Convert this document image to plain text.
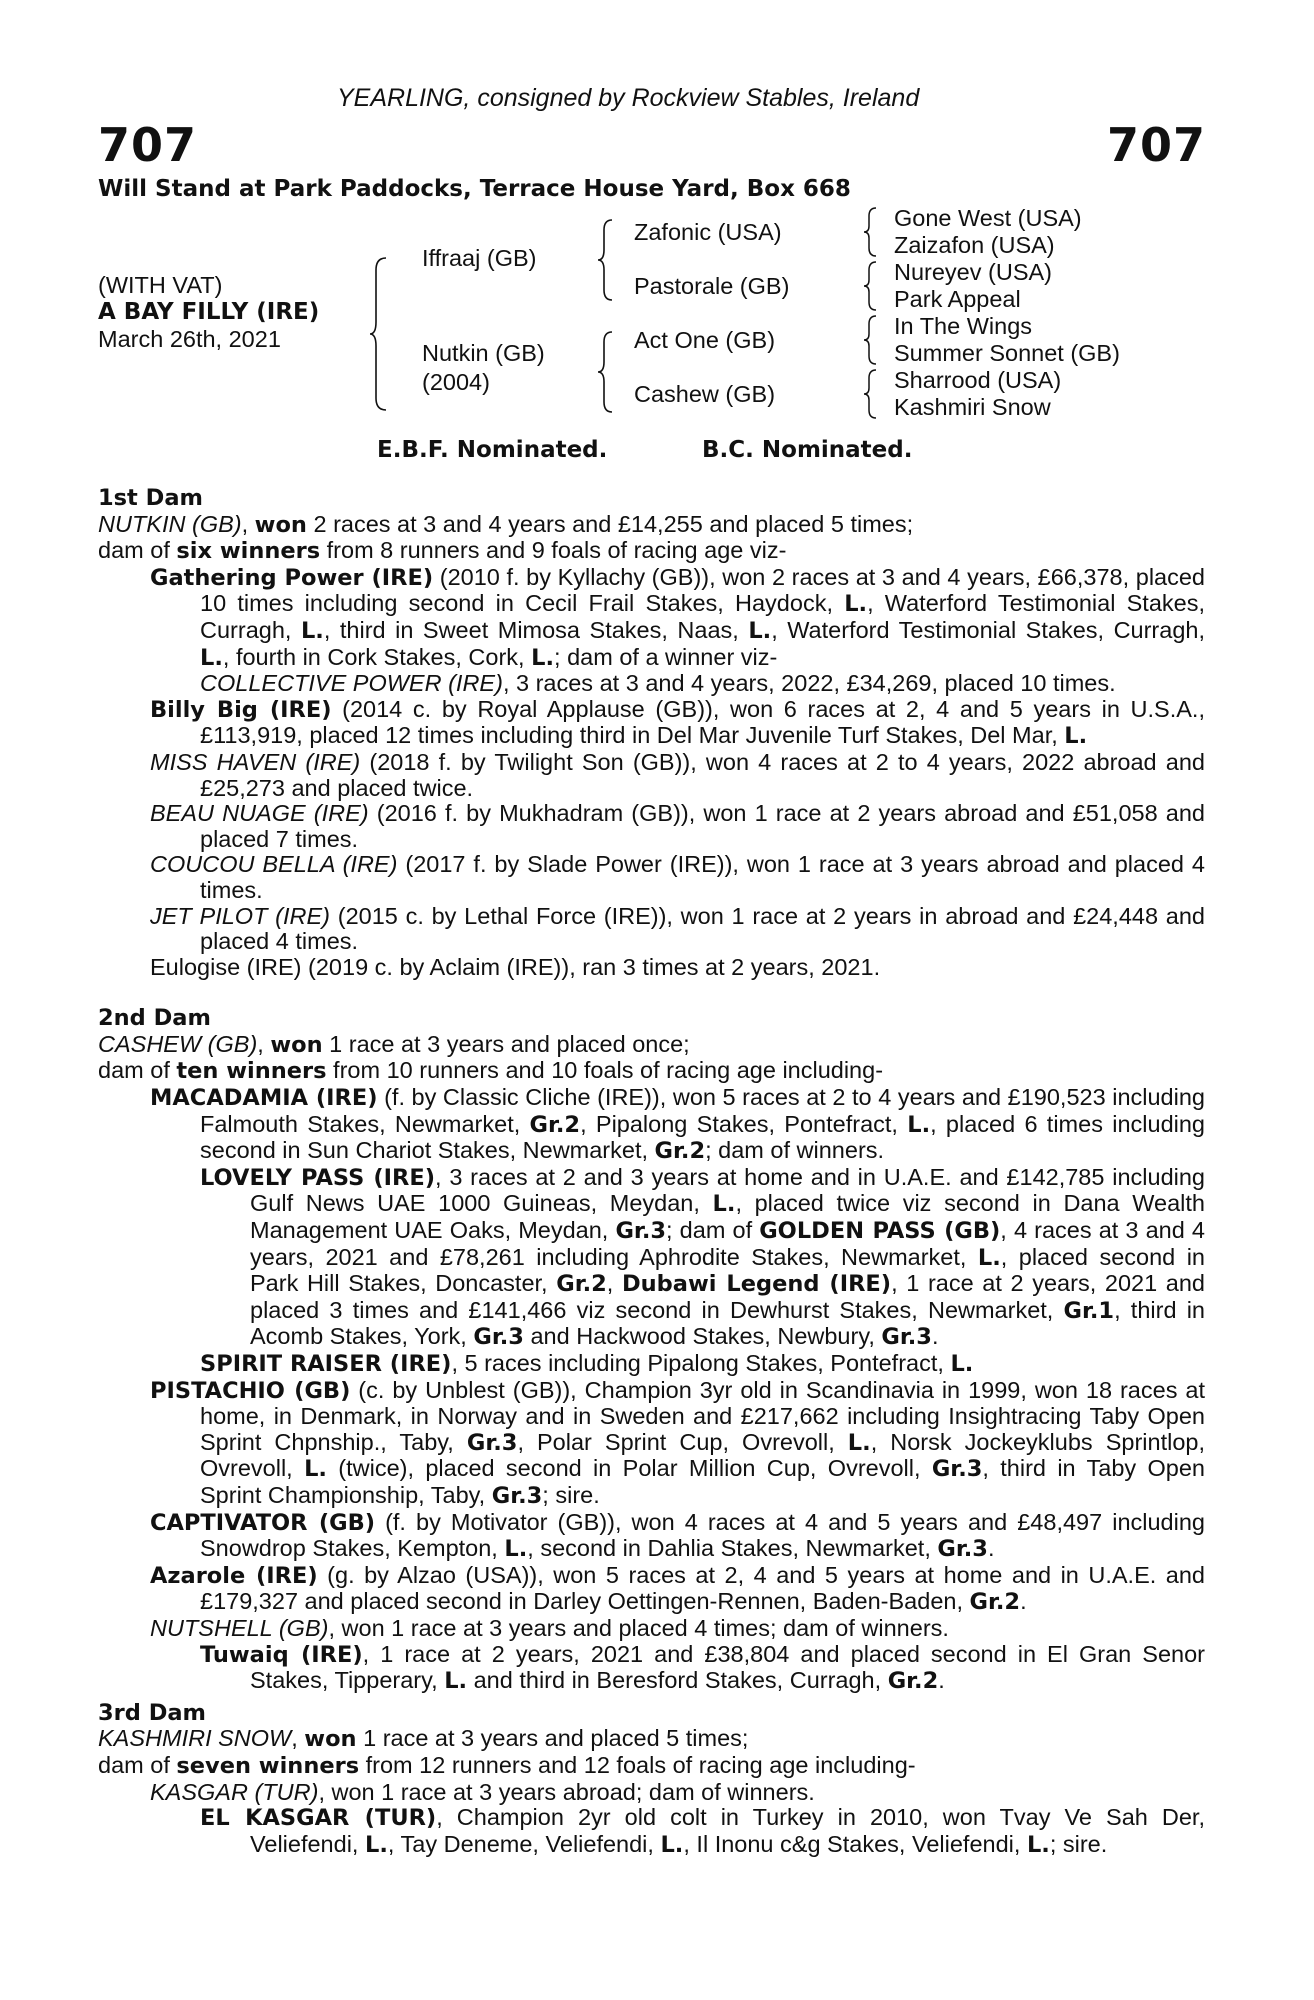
YEARLING, consigned by Rockview Stables, Ireland
707	707
Will Stand at Park Paddocks, Terrace House Yard, Box 668
(WITH VAT)
A BAY FILLY (IRE)
March 26th, 2021
Iffraaj (GB)
Nutkin (GB)
(2004)
Zafonic (USA)
Pastorale (GB)
Act One (GB)
Cashew (GB)
Gone West (USA)
Zaizafon (USA)
Nureyev (USA)
Park Appeal
In The Wings
Summer Sonnet (GB)
Sharrood (USA)
Kashmiri Snow
E.B.F. Nominated.	B.C. Nominated.

1st Dam

NUTKIN (GB), won 2 races at 3 and 4 years and £14,255 and placed 5 times;

dam of six winners from 8 runners and 9 foals of racing age viz-

Gathering Power (IRE) (2010 f. by Kyllachy (GB)), won 2 races at 3 and 4 years, £66,378, placed 10 times including second in Cecil Frail Stakes, Haydock, L., Waterford Testimonial Stakes, Curragh, L., third in Sweet Mimosa Stakes, Naas, L., Waterford Testimonial Stakes, Curragh, L., fourth in Cork Stakes, Cork, L.; dam of a winner viz-

COLLECTIVE POWER (IRE), 3 races at 3 and 4 years, 2022, £34,269, placed 10 times.

Billy Big (IRE) (2014 c. by Royal Applause (GB)), won 6 races at 2, 4 and 5 years in U.S.A., £113,919, placed 12 times including third in Del Mar Juvenile Turf Stakes, Del Mar, L.

MISS HAVEN (IRE) (2018 f. by Twilight Son (GB)), won 4 races at 2 to 4 years, 2022 abroad and £25,273 and placed twice.

BEAU NUAGE (IRE) (2016 f. by Mukhadram (GB)), won 1 race at 2 years abroad and £51,058 and placed 7 times.

COUCOU BELLA (IRE) (2017 f. by Slade Power (IRE)), won 1 race at 3 years abroad and placed 4 times.

JET PILOT (IRE) (2015 c. by Lethal Force (IRE)), won 1 race at 2 years in abroad and £24,448 and placed 4 times.

Eulogise (IRE) (2019 c. by Aclaim (IRE)), ran 3 times at 2 years, 2021.

2nd Dam

CASHEW (GB), won 1 race at 3 years and placed once;

dam of ten winners from 10 runners and 10 foals of racing age including-

MACADAMIA (IRE) (f. by Classic Cliche (IRE)), won 5 races at 2 to 4 years and £190,523 including Falmouth Stakes, Newmarket, Gr.2, Pipalong Stakes, Pontefract, L., placed 6 times including second in Sun Chariot Stakes, Newmarket, Gr.2; dam of winners.

LOVELY PASS (IRE), 3 races at 2 and 3 years at home and in U.A.E. and £142,785 including Gulf News UAE 1000 Guineas, Meydan, L., placed twice viz second in Dana Wealth Management UAE Oaks, Meydan, Gr.3; dam of GOLDEN PASS (GB), 4 races at 3 and 4 years, 2021 and £78,261 including Aphrodite Stakes, Newmarket, L., placed second in Park Hill Stakes, Doncaster, Gr.2, Dubawi Legend (IRE), 1 race at 2 years, 2021 and placed 3 times and £141,466 viz second in Dewhurst Stakes, Newmarket, Gr.1, third in Acomb Stakes, York, Gr.3 and Hackwood Stakes, Newbury, Gr.3.

SPIRIT RAISER (IRE), 5 races including Pipalong Stakes, Pontefract, L.

PISTACHIO (GB) (c. by Unblest (GB)), Champion 3yr old in Scandinavia in 1999, won 18 races at home, in Denmark, in Norway and in Sweden and £217,662 including Insightracing Taby Open Sprint Chpnship., Taby, Gr.3, Polar Sprint Cup, Ovrevoll, L., Norsk Jockeyklubs Sprintlop, Ovrevoll, L. (twice), placed second in Polar Million Cup, Ovrevoll, Gr.3, third in Taby Open Sprint Championship, Taby, Gr.3; sire.

CAPTIVATOR (GB) (f. by Motivator (GB)), won 4 races at 4 and 5 years and £48,497 including Snowdrop Stakes, Kempton, L., second in Dahlia Stakes, Newmarket, Gr.3.

Azarole (IRE) (g. by Alzao (USA)), won 5 races at 2, 4 and 5 years at home and in U.A.E. and £179,327 and placed second in Darley Oettingen-Rennen, Baden-Baden, Gr.2.

NUTSHELL (GB), won 1 race at 3 years and placed 4 times; dam of winners.

Tuwaiq (IRE), 1 race at 2 years, 2021 and £38,804 and placed second in El Gran Senor Stakes, Tipperary, L. and third in Beresford Stakes, Curragh, Gr.2.

3rd Dam

KASHMIRI SNOW, won 1 race at 3 years and placed 5 times;

dam of seven winners from 12 runners and 12 foals of racing age including-

KASGAR (TUR), won 1 race at 3 years abroad; dam of winners.

EL KASGAR (TUR), Champion 2yr old colt in Turkey in 2010, won Tvay Ve Sah Der, Veliefendi, L., Tay Deneme, Veliefendi, L., Il Inonu c&g Stakes, Veliefendi, L.; sire.
